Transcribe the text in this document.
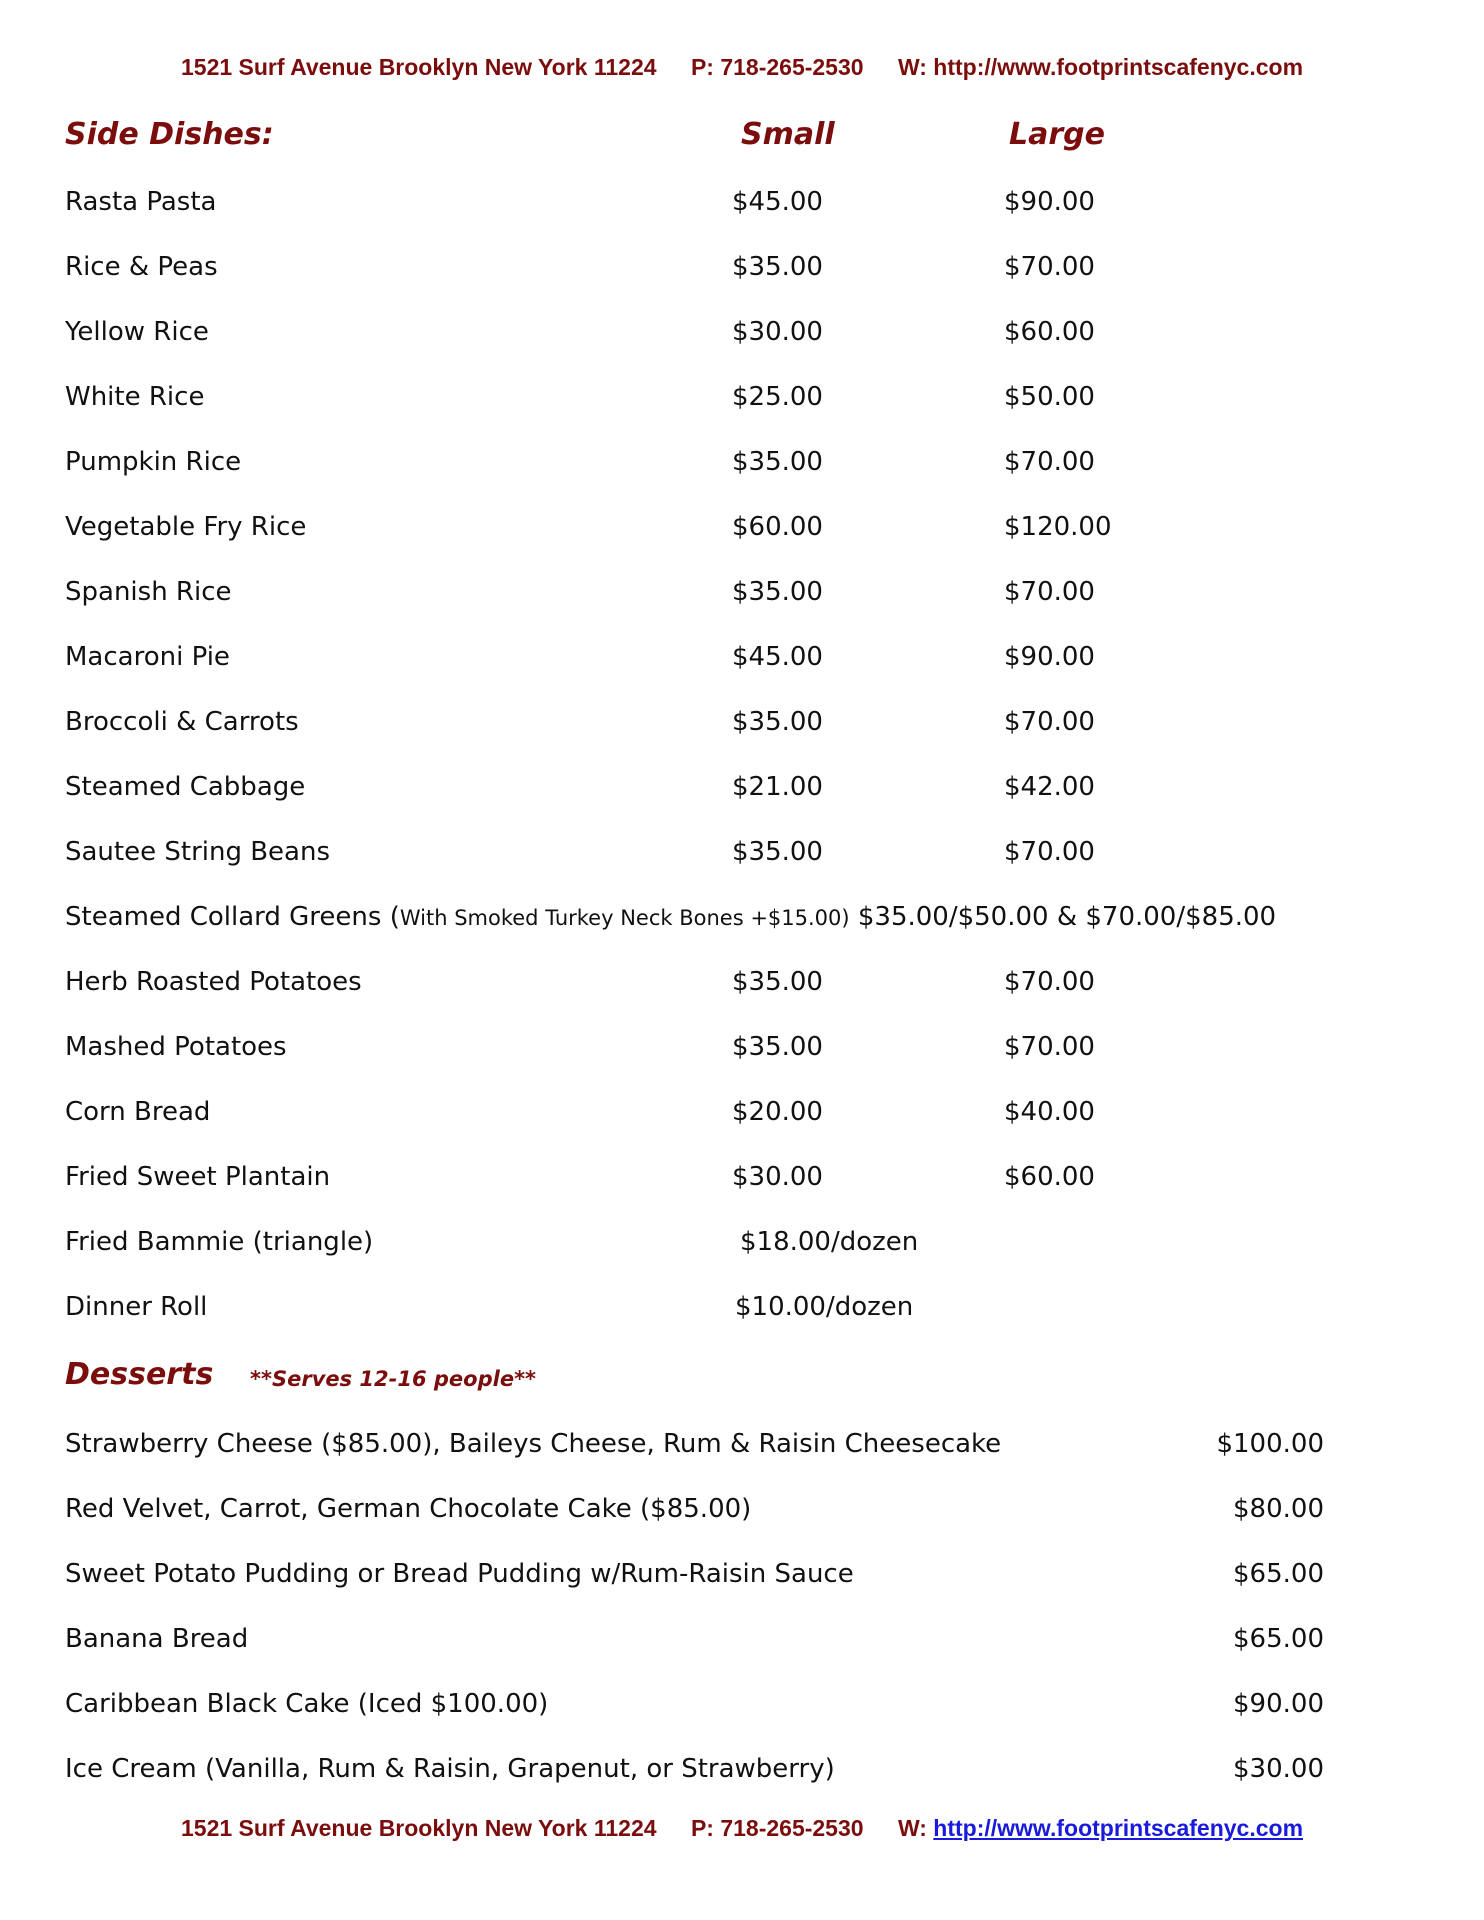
1521 Surf Avenue Brooklyn New York 11224 P: 718-265-2530 W: http://www.footprintscafenyc.com
Side Dishes:	Small	Large
Rasta Pasta	$45.00	$90.00
Rice & Peas	$35.00	$70.00
Yellow Rice	$30.00	$60.00
White Rice	$25.00	$50.00
Pumpkin Rice	$35.00	$70.00
Vegetable Fry Rice	$60.00	$120.00
Spanish Rice	$35.00	$70.00
Macaroni Pie	$45.00	$90.00
Broccoli & Carrots	$35.00	$70.00
Steamed Cabbage	$21.00	$42.00
Sautee String Beans	$35.00	$70.00
Steamed Collard Greens (With Smoked Turkey Neck Bones +$15.00) $35.00/$50.00 & $70.00/$85.00
Herb Roasted Potatoes	$35.00	$70.00
Mashed Potatoes	$35.00	$70.00
Corn Bread	$20.00	$40.00
Fried Sweet Plantain	$30.00	$60.00
Fried Bammie (triangle)	$18.00/dozen
Dinner Roll	$10.00/dozen
Desserts **Serves 12-16 people**
Strawberry Cheese ($85.00), Baileys Cheese, Rum & Raisin Cheesecake	$100.00
Red Velvet, Carrot, German Chocolate Cake ($85.00)	$80.00
Sweet Potato Pudding or Bread Pudding w/Rum-Raisin Sauce	$65.00
Banana Bread	$65.00
Caribbean Black Cake (Iced $100.00)	$90.00
Ice Cream (Vanilla, Rum & Raisin, Grapenut, or Strawberry)	$30.00
1521 Surf Avenue Brooklyn New York 11224 P: 718-265-2530 W: http://www.footprintscafenyc.com
